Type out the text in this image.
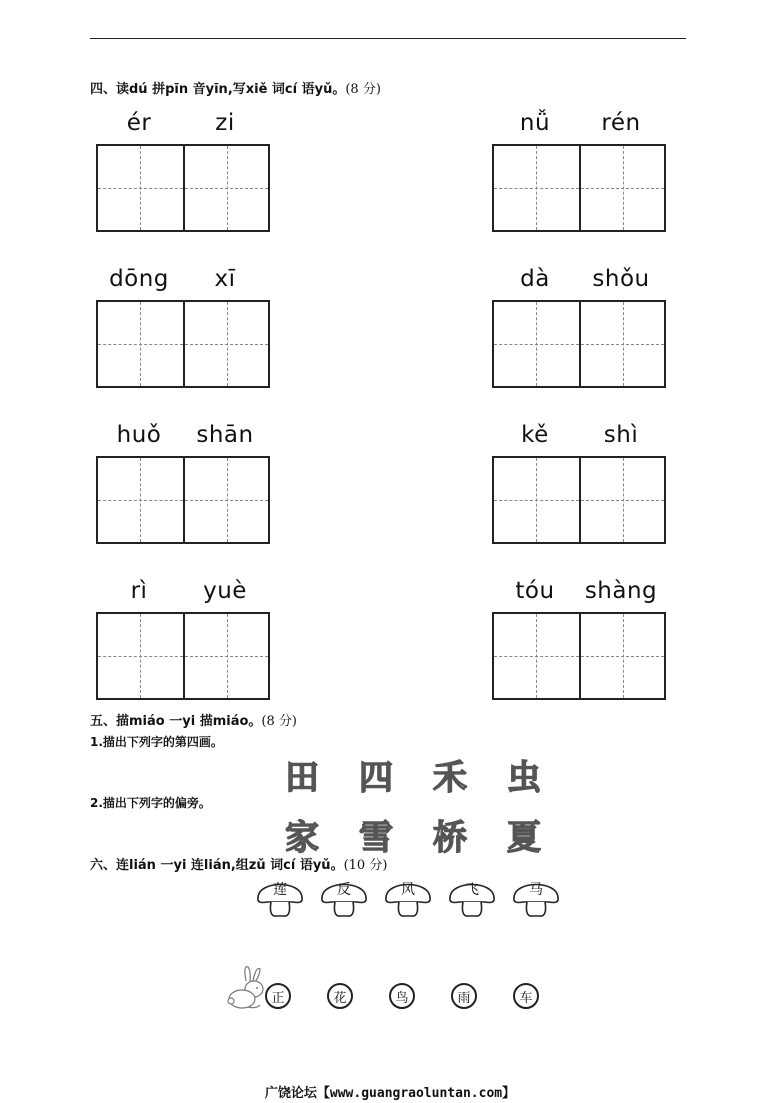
四、读dú 拼pīn 音yīn,写xiě 词cí 语yǔ。(8 分)
ér	zi	nǚ	rén
dōng	xī	dà	shǒu
huǒ	shān	kě	shì
rì	yuè	tóu	shàng
五、描miáo 一yi 描miáo。(8 分)
1.描出下列字的第四画。
田	四	禾	虫
2.描出下列字的偏旁。
家	雪	桥	夏
六、连lián 一yi 连lián,组zǔ 词cí 语yǔ。(10 分)
莲	反	风	飞	马
正	花	鸟	雨	车
广饶论坛【www.guangraoluntan.com】
